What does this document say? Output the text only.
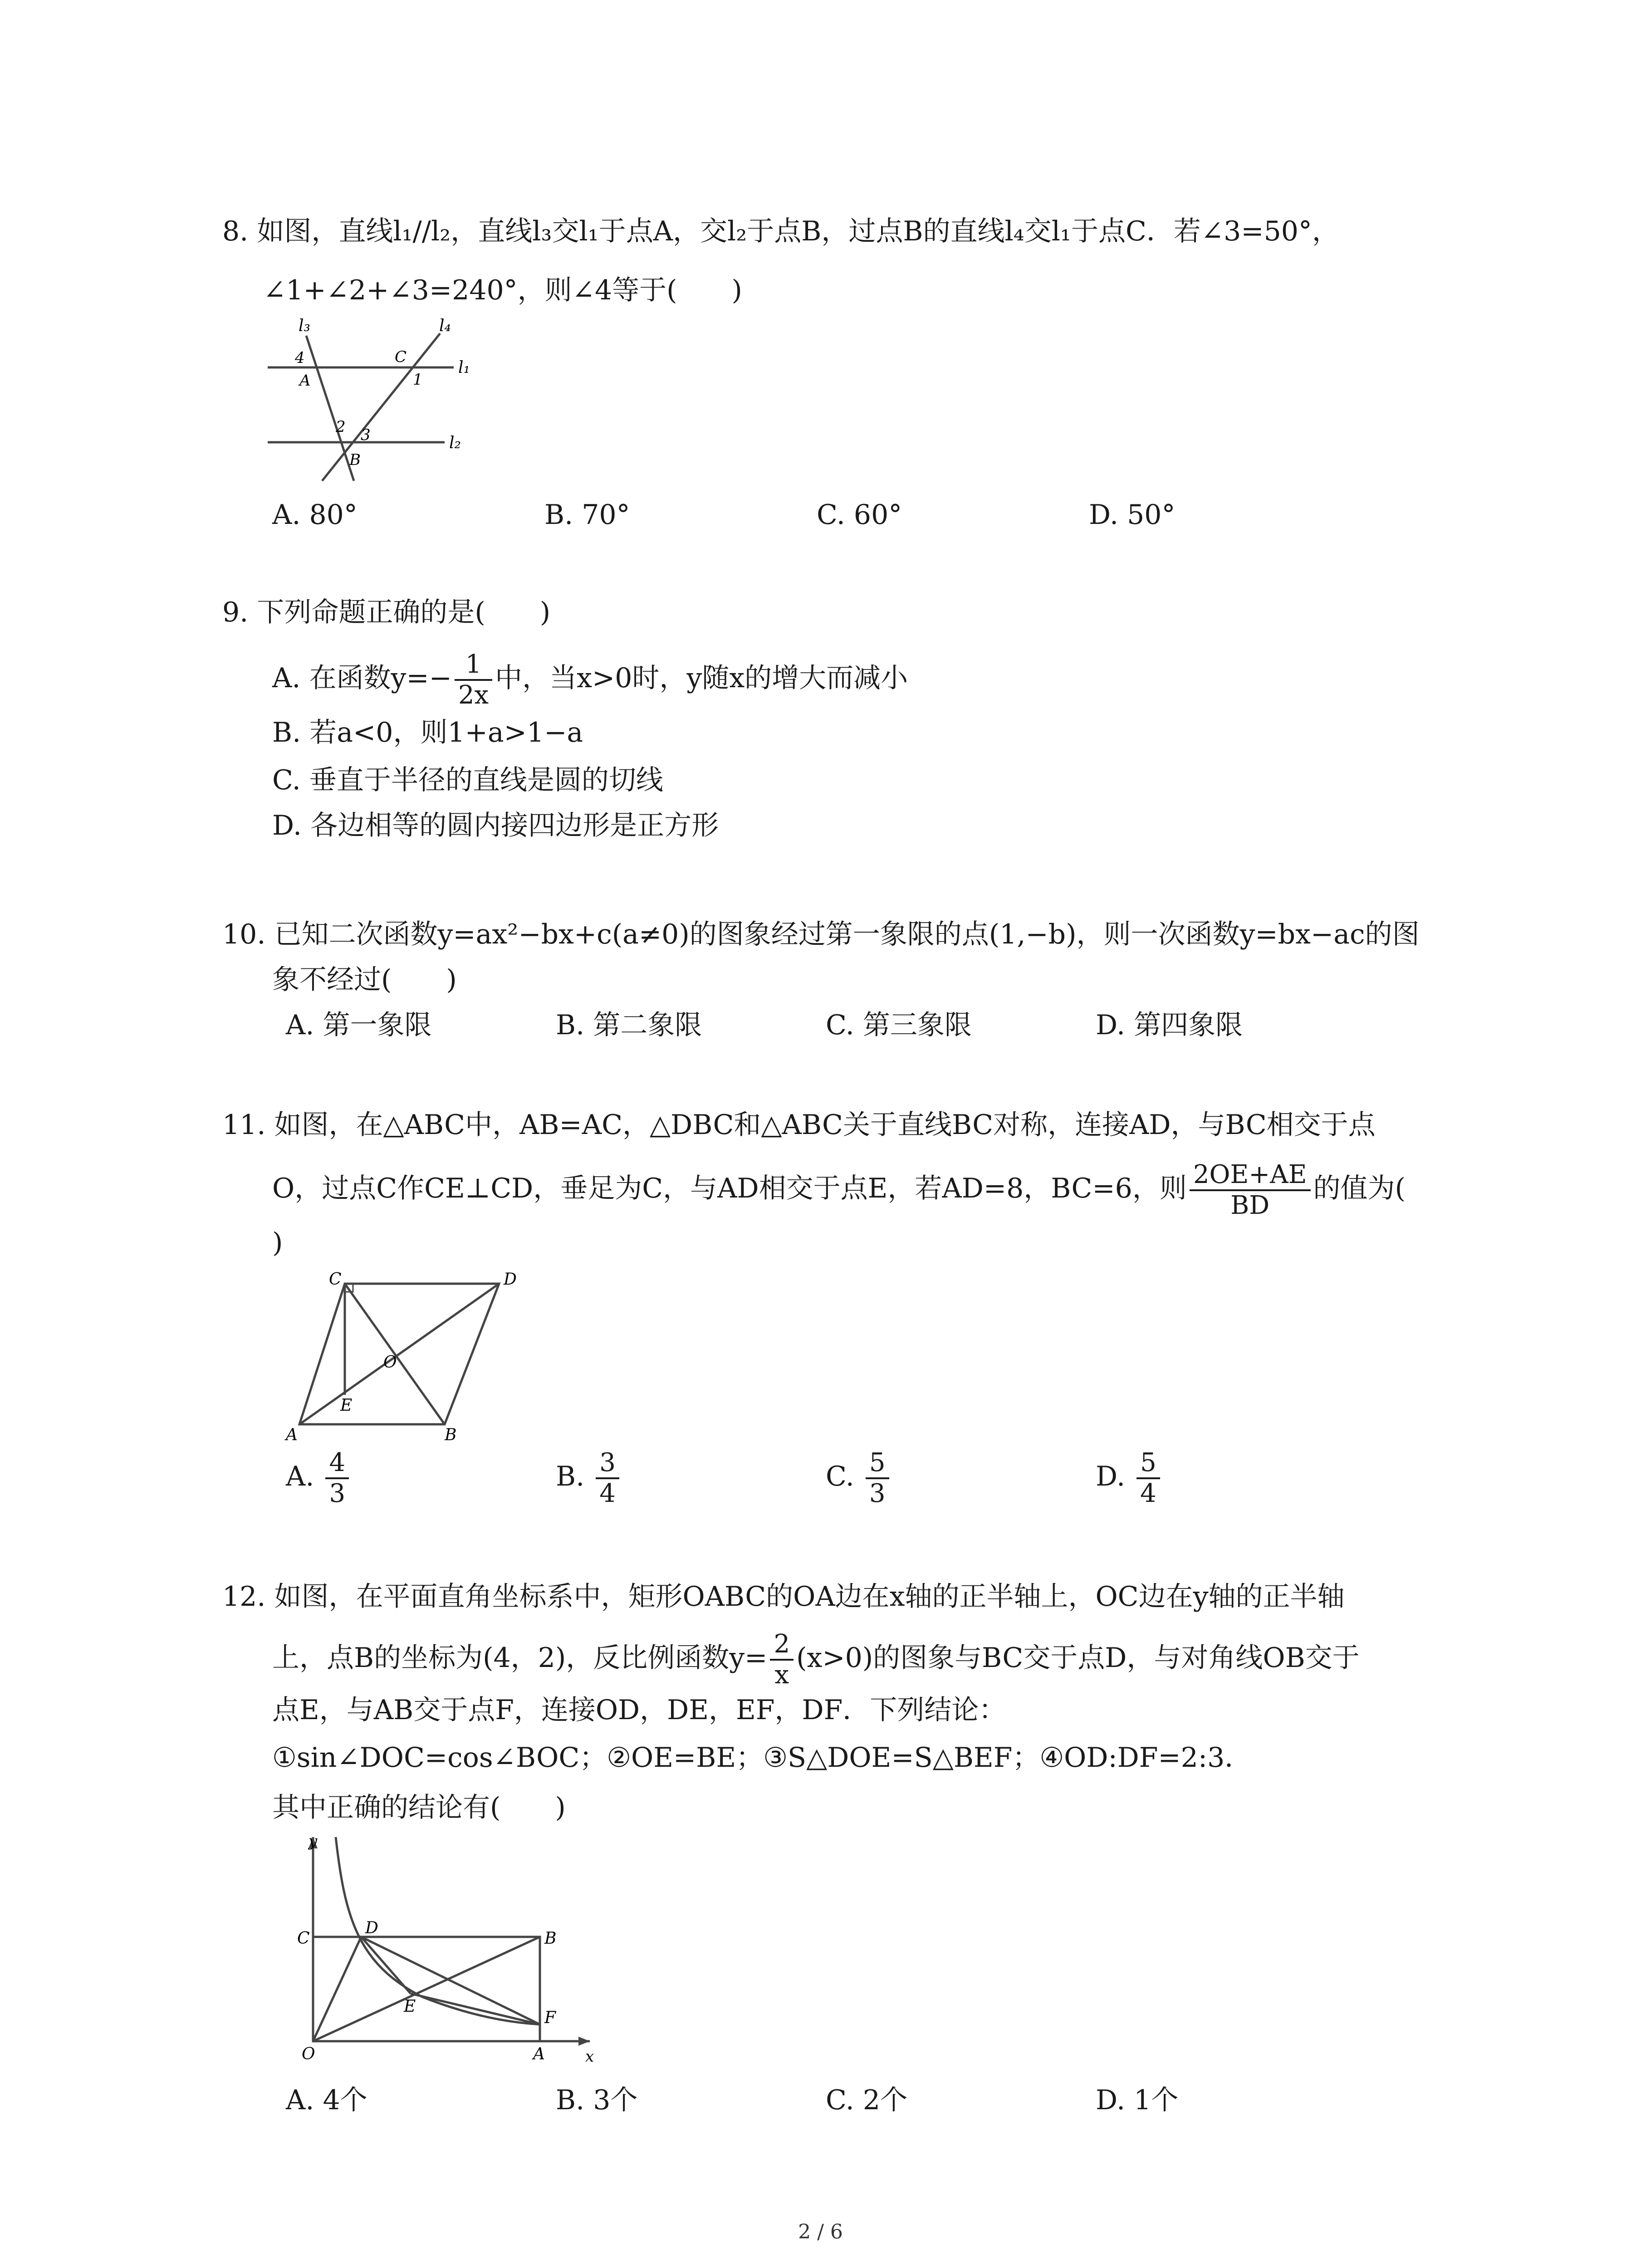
8. 如图，直线l₁//l₂，直线l₃交l₁于点A，交l₂于点B，过点B的直线l₄交l₁于点C．若∠3=50°，
∠1+∠2+∠3=240°，则∠4等于(　　)
l₃	l₄
l₁
l₂
4
A
C
1
2 3
B
A. 80°	B. 70°	C. 60°	D. 50°
9. 下列命题正确的是(　　)
A. 在函数$y=- \frac{1}{2x}$ 中，当x>0时，y随x的增大而减小
B. 若a<0，则1+a>1−a
C. 垂直于半径的直线是圆的切线
D. 各边相等的圆内接四边形是正方形
10. 已知二次函数y=ax²−bx+c(a≠0)的图象经过第一象限的点(1,−b)，则一次函数y=bx−ac的图
象不经过(　　)
A. 第一象限	B. 第二象限	C. 第三象限	D. 第四象限
11. 如图，在△ABC中，AB=AC，△DBC和△ABC关于直线BC对称，连接AD，与BC相交于点
O，过点C作CE⊥CD，垂足为C，与AD相交于点E，若AD=8，BC=6，则 $\frac{2OE+AE}{BD}$ 的值为(
)
C	D
O
E
A	B
A. $\frac{4}{3}$	B. $\frac{3}{4}$	C. $\frac{5}{3}$	D. $\frac{5}{4}$
12. 如图，在平面直角坐标系中，矩形OABC的OA边在x轴的正半轴上，OC边在y轴的正半轴
上，点B的坐标为(4，2)，反比例函数$y= \frac{2}{x} (x>0)$的图象与BC交于点D，与对角线OB交于
点E，与AB交于点F，连接OD，DE，EF，DF．下列结论：
①sin∠DOC=cos∠BOC；②OE=BE；③S△DOE=S△BEF；④OD:DF=2:3．
其中正确的结论有(　　)
y
C
D
B
E
F
O	A	x
A. 4个	B. 3个	C. 2个	D. 1个
2 / 6
